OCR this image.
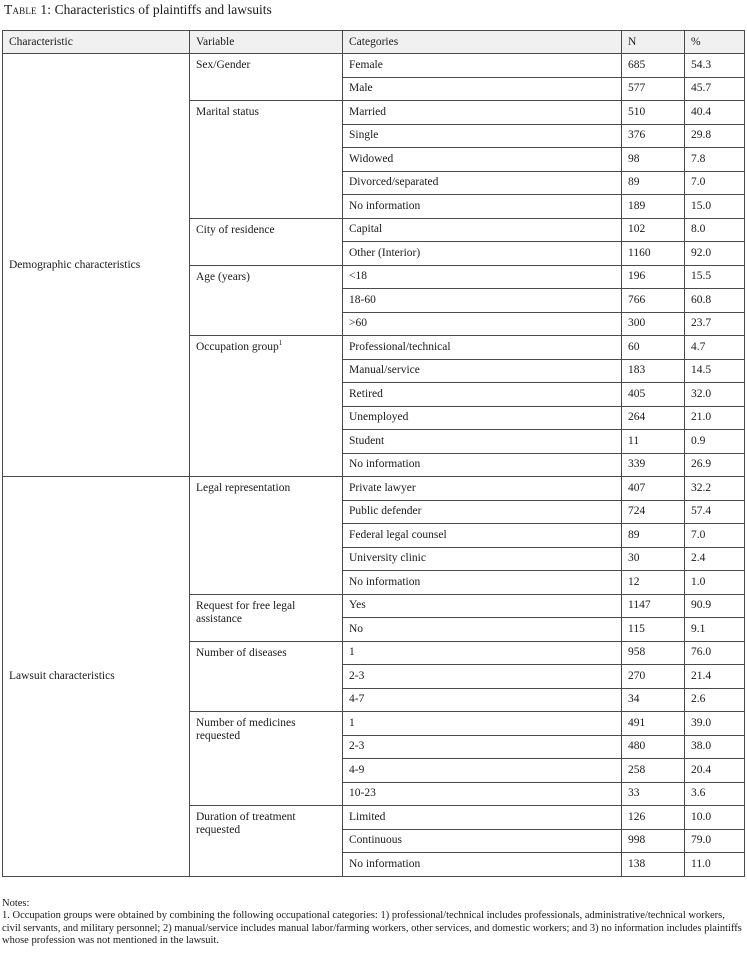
Table 1: Characteristics of plaintiffs and lawsuits
Characteristic	Variable	Categories	N	%
Demographic characteristics	Sex/Gender	Female	685	54.3
		Male	577	45.7
	Marital status	Married	510	40.4
		Single	376	29.8
		Widowed	98	7.8
		Divorced/separated	89	7.0
		No information	189	15.0
	City of residence	Capital	102	8.0
		Other (Interior)	1160	92.0
	Age (years)	<18	196	15.5
		18-60	766	60.8
		>60	300	23.7
	Occupation group$^1$	Professional/technical	60	4.7
		Manual/service	183	14.5
		Retired	405	32.0
		Unemployed	264	21.0
		Student	11	0.9
		No information	339	26.9
Lawsuit characteristics	Legal representation	Private lawyer	407	32.2
		Public defender	724	57.4
		Federal legal counsel	89	7.0
		University clinic	30	2.4
		No information	12	1.0
	Request for free legal assistance	Yes	1147	90.9
		No	115	9.1
	Number of diseases	1	958	76.0
		2-3	270	21.4
		4-7	34	2.6
	Number of medicines requested	1	491	39.0
		2-3	480	38.0
		4-9	258	20.4
		10-23	33	3.6
	Duration of treatment requested	Limited	126	10.0
		Continuous	998	79.0
		No information	138	11.0

Notes:

1. Occupation groups were obtained by combining the following occupational categories: 1) professional/technical includes professionals, administrative/technical workers, civil servants, and military personnel; 2) manual/service includes manual labor/farming workers, other services, and domestic workers; and 3) no information includes plaintiffs whose profession was not mentioned in the lawsuit.
